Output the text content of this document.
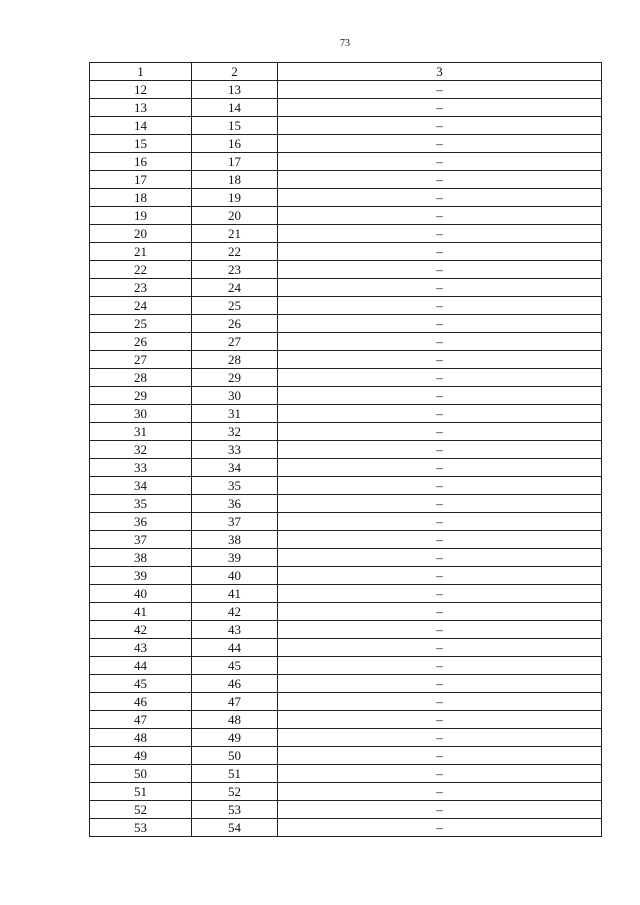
73
1	2	3
12	13	–
13	14	–
14	15	–
15	16	–
16	17	–
17	18	–
18	19	–
19	20	–
20	21	–
21	22	–
22	23	–
23	24	–
24	25	–
25	26	–
26	27	–
27	28	–
28	29	–
29	30	–
30	31	–
31	32	–
32	33	–
33	34	–
34	35	–
35	36	–
36	37	–
37	38	–
38	39	–
39	40	–
40	41	–
41	42	–
42	43	–
43	44	–
44	45	–
45	46	–
46	47	–
47	48	–
48	49	–
49	50	–
50	51	–
51	52	–
52	53	–
53	54	–
